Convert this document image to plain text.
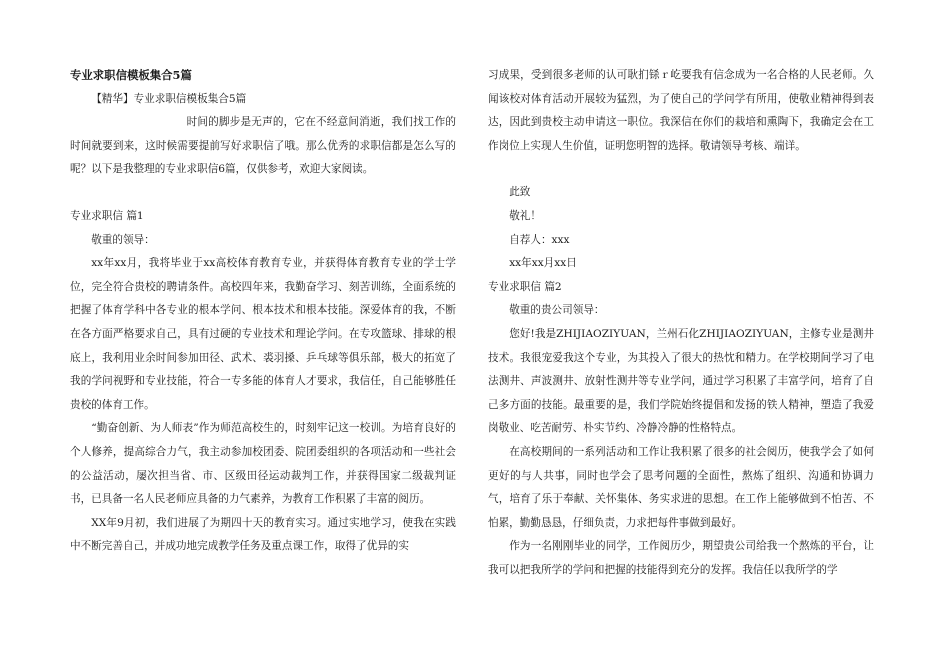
专业求职信模板集合5篇

【精华】专业求职信模板集合5篇

时间的脚步是无声的，它在不经意间消逝，我们找工作的时间就要到来，这时候需要提前写好求职信了哦。那么优秀的求职信都是怎么写的呢？以下是我整理的专业求职信6篇，仅供参考，欢迎大家阅读。

专业求职信 篇1

敬重的领导：

xx年xx月，我将毕业于xx高校体育教育专业，并获得体育教育专业的学士学位，完全符合贵校的聘请条件。高校四年来，我勤奋学习、刻苦训练，全面系统的把握了体育学科中各专业的根本学问、根本技术和根本技能。深爱体育的我，不断在各方面严格要求自己，具有过硬的专业技术和理论学问。在专攻篮球、排球的根底上，我利用业余时间参加田径、武术、裘羽搡、乒乓球等俱乐部，极大的拓宽了我的学问视野和专业技能，符合一专多能的体育人才要求，我信任，自己能够胜任贵校的体育工作。

“勤奋创新、为人师表”作为师范高校生的，时刻牢记这一校训。为培育良好的个人修养，提高综合力气，我主动参加校团委、院团委组织的各项活动和一些社会的公益活动，屡次担当省、市、区级田径运动裁判工作，并获得国家二级裁判证书，已具备一名人民老师应具备的力气素养，为教育工作积累了丰富的阅历。

XX年9月初，我们进展了为期四十天的教育实习。通过实地学习，使我在实践中不断完善自己，并成功地完成教学任务及重点课工作，取得了优异的实

习成果，受到很多老师的认可耿扪铩ｒ屹要我有信念成为一名合格的人民老师。久闻该校对体育活动开展较为猛烈，为了使自己的学问学有所用，使敬业精神得到表达，因此到贵校主动申请这一职位。我深信在你们的栽培和熏陶下，我确定会在工作岗位上实现人生价值，证明您明智的选择。敬请领导考核、端详。

此致

敬礼！

自荐人：xxx

xx年xx月xx日

专业求职信 篇2

敬重的贵公司领导：

您好!我是ZHIJIAOZIYUAN，兰州石化ZHIJIAOZIYUAN，主修专业是测井技术。我很宠爱我这个专业，为其投入了很大的热忱和精力。在学校期间学习了电法测井、声波测井、放射性测井等专业学问，通过学习积累了丰富学问，培育了自己多方面的技能。最重要的是，我们学院始终提倡和发扬的铁人精神，塑造了我爱岗敬业、吃苦耐劳、朴实节约、冷静冷静的性格特点。

在高校期间的一系列活动和工作让我积累了很多的社会阅历，使我学会了如何更好的与人共事，同时也学会了思考问题的全面性，熬炼了组织、沟通和协调力气，培育了乐于奉献、关怀集体、务实求进的思想。在工作上能够做到不怕苦、不怕累，勤勤恳恳，仔细负责，力求把每件事做到最好。

作为一名刚刚毕业的同学，工作阅历少，期望贵公司给我一个熬炼的平台，让我可以把我所学的学问和把握的技能得到充分的发挥。我信任以我所学的学
